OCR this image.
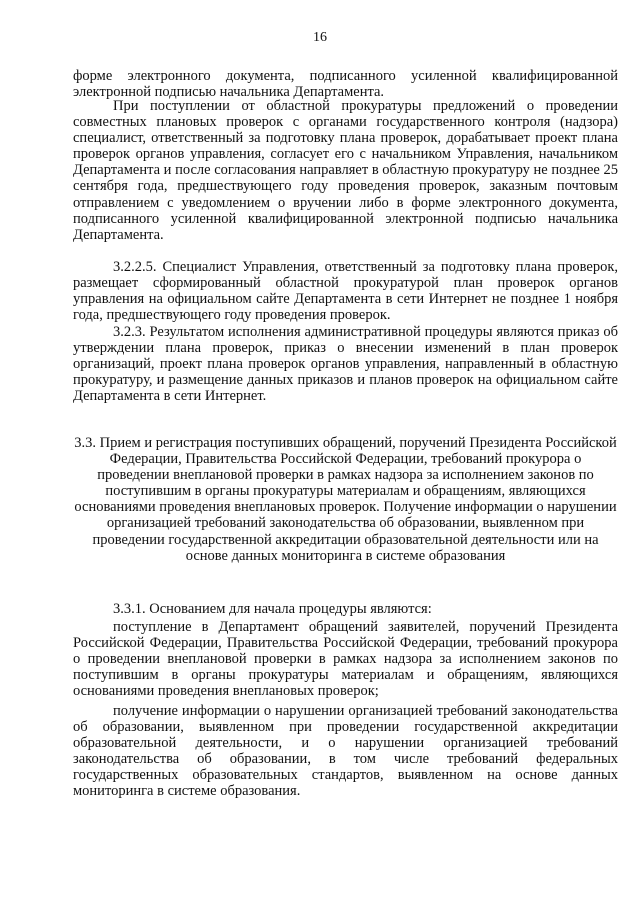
16
форме электронного документа, подписанного усиленной квалифицированной электронной подписью начальника Департамента.
При поступлении от областной прокуратуры предложений о проведении совместных плановых проверок с органами государственного контроля (надзора) специалист, ответственный за подготовку плана проверок, дорабатывает проект плана проверок органов управления, согласует его с начальником Управления, начальником Департамента и после согласования направляет в областную прокуратуру не позднее 25 сентября года, предшествующего году проведения проверок, заказным почтовым отправлением с уведомлением о вручении либо в форме электронного документа, подписанного усиленной квалифицированной электронной подписью начальника Департамента.
3.2.2.5. Специалист Управления, ответственный за подготовку плана проверок, размещает сформированный областной прокуратурой план проверок органов управления на официальном сайте Департамента в сети Интернет не позднее 1 ноября года, предшествующего году проведения проверок.
3.2.3. Результатом исполнения административной процедуры являются приказ об утверждении плана проверок, приказ о внесении изменений в план проверок организаций, проект плана проверок органов управления, направленный в областную прокуратуру, и размещение данных приказов и планов проверок на официальном сайте Департамента в сети Интернет.
3.3. Прием и регистрация поступивших обращений, поручений Президента Российской Федерации, Правительства Российской Федерации, требований прокурора о проведении внеплановой проверки в рамках надзора за исполнением законов по поступившим в органы прокуратуры материалам и обращениям, являющихся основаниями проведения внеплановых проверок. Получение информации о нарушении организацией требований законодательства об образовании, выявленном при проведении государственной аккредитации образовательной деятельности или на основе данных мониторинга в системе образования
3.3.1. Основанием для начала процедуры являются:
поступление в Департамент обращений заявителей, поручений Президента Российской Федерации, Правительства Российской Федерации, требований прокурора о проведении внеплановой проверки в рамках надзора за исполнением законов по поступившим в органы прокуратуры материалам и обращениям, являющихся основаниями проведения внеплановых проверок;
получение информации о нарушении организацией требований законодательства об образовании, выявленном при проведении государственной аккредитации образовательной деятельности, и о нарушении организацией требований законодательства об образовании, в том числе требований федеральных государственных образовательных стандартов, выявленном на основе данных мониторинга в системе образования.
